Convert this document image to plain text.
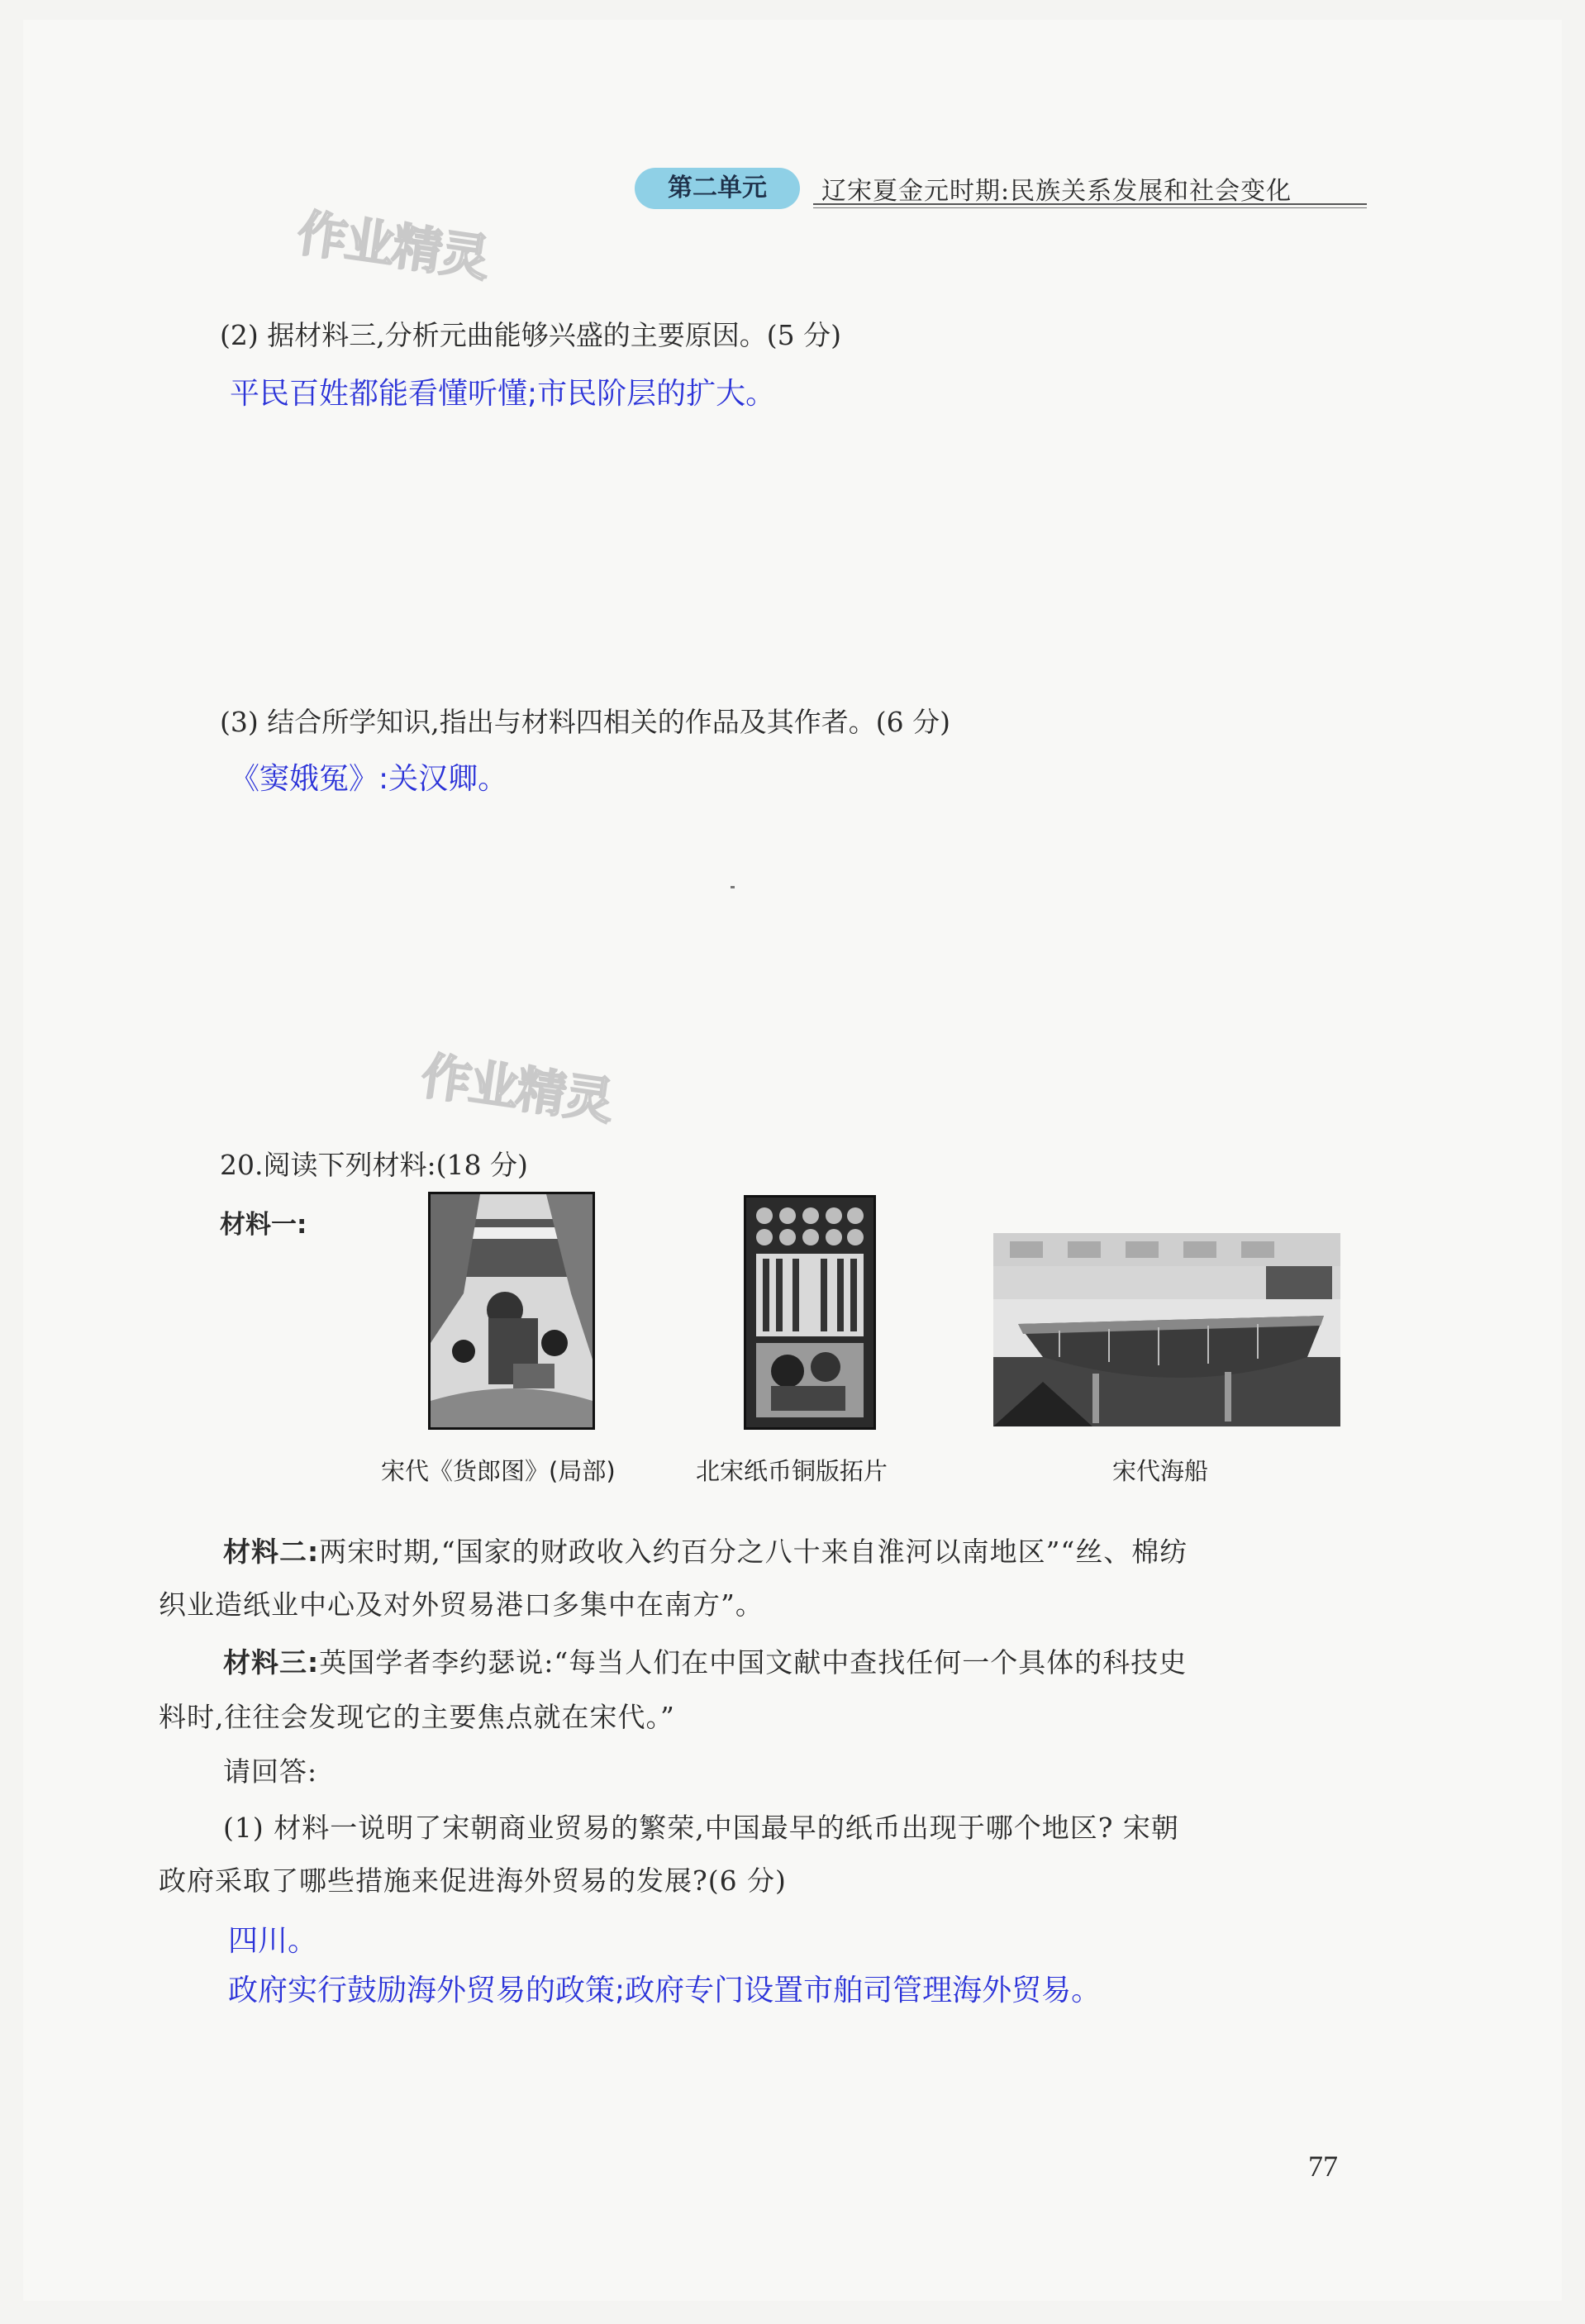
第二单元	辽宋夏金元时期:民族关系发展和社会变化
作业精灵
作业精灵
(2) 据材料三,分析元曲能够兴盛的主要原因。(5 分)
平民百姓都能看懂听懂;市民阶层的扩大。
(3) 结合所学知识,指出与材料四相关的作品及其作者。(6 分)
《窦娥冤》:关汉卿。
20.阅读下列材料:(18 分)
材料一:
宋代《货郎图》(局部)	北宋纸币铜版拓片	宋代海船
材料二:两宋时期,“国家的财政收入约百分之八十来自淮河以南地区”“丝、棉纺
织业造纸业中心及对外贸易港口多集中在南方”。
材料三:英国学者李约瑟说:“每当人们在中国文献中查找任何一个具体的科技史
料时,往往会发现它的主要焦点就在宋代。”
请回答:
(1) 材料一说明了宋朝商业贸易的繁荣,中国最早的纸币出现于哪个地区? 宋朝
政府采取了哪些措施来促进海外贸易的发展?(6 分)
四川。
政府实行鼓励海外贸易的政策;政府专门设置市舶司管理海外贸易。
77
